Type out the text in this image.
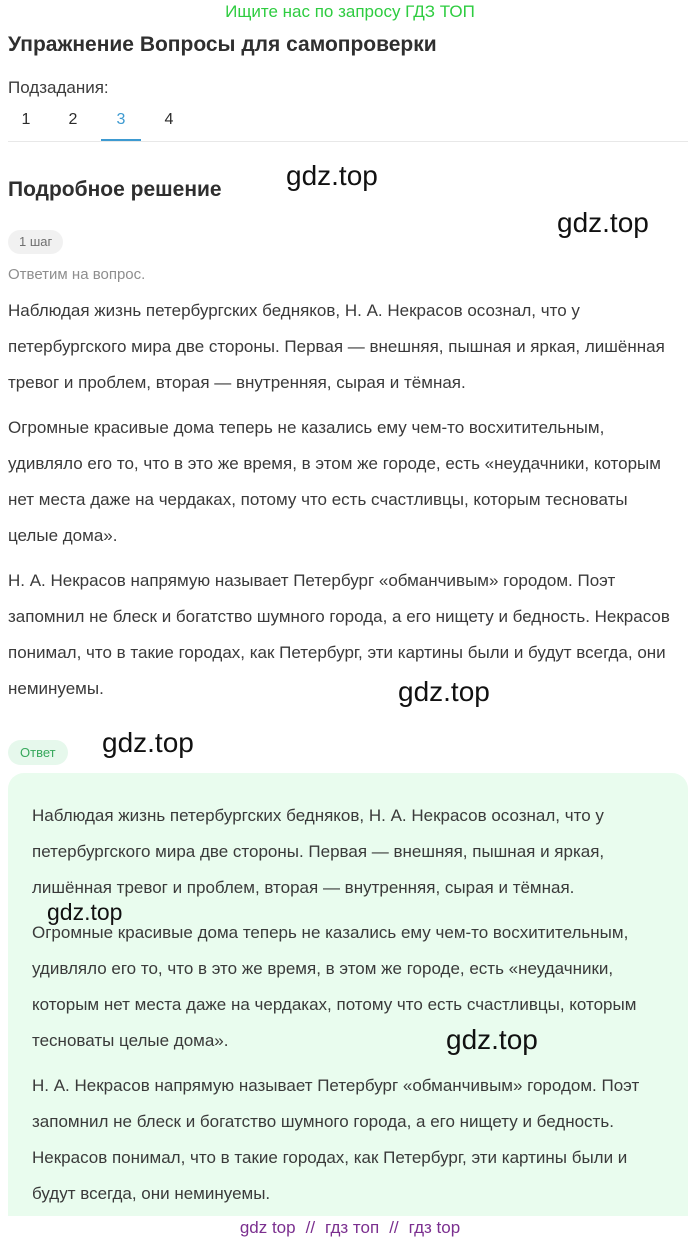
Ищите нас по запросу ГДЗ ТОП
Упражнение Вопросы для самопроверки
Подзадания:
1	2	3	4
Подробное решение gdz.top
gdz.top
1 шаг
Ответим на вопрос.

Наблюдая жизнь петербургских бедняков, Н. А. Некрасов осознал, что у петербургского мира две стороны. Первая — внешняя, пышная и яркая, лишённая тревог и проблем, вторая — внутренняя, сырая и тёмная.

Огромные красивые дома теперь не казались ему чем-то восхитительным, удивляло его то, что в это же время, в этом же городе, есть «неудачники, которым нет места даже на чердаках, потому что есть счастливцы, которым тесноваты целые дома».

Н. А. Некрасов напрямую называет Петербург «обманчивым» городом. Поэт запомнил не блеск и богатство шумного города, а его нищету и бедность. Некрасов понимал, что в такие городах, как Петербург, эти картины были и будут всегда, они неминуемы.	gdz.top
Ответ	gdz.top

Наблюдая жизнь петербургских бедняков, Н. А. Некрасов осознал, что у петербургского мира две стороны. Первая — внешняя, пышная и яркая, лишённая тревог и проблем, вторая — внутренняя, сырая и тёмная.

Огромные красивые дома теперь не казались ему чем-то восхитительным, удивляло его то, что в это же время, в этом же городе, есть «неудачники, которым нет места даже на чердаках, потому что есть счастливцы, которым тесноваты целые дома».

Н. А. Некрасов напрямую называет Петербург «обманчивым» городом. Поэт запомнил не блеск и богатство шумного города, а его нищету и бедность. Некрасов понимал, что в такие городах, как Петербург, эти картины были и будут всегда, они неминуемы.

gdz.top
gdz.top
gdz top // гдз топ // гдз top
